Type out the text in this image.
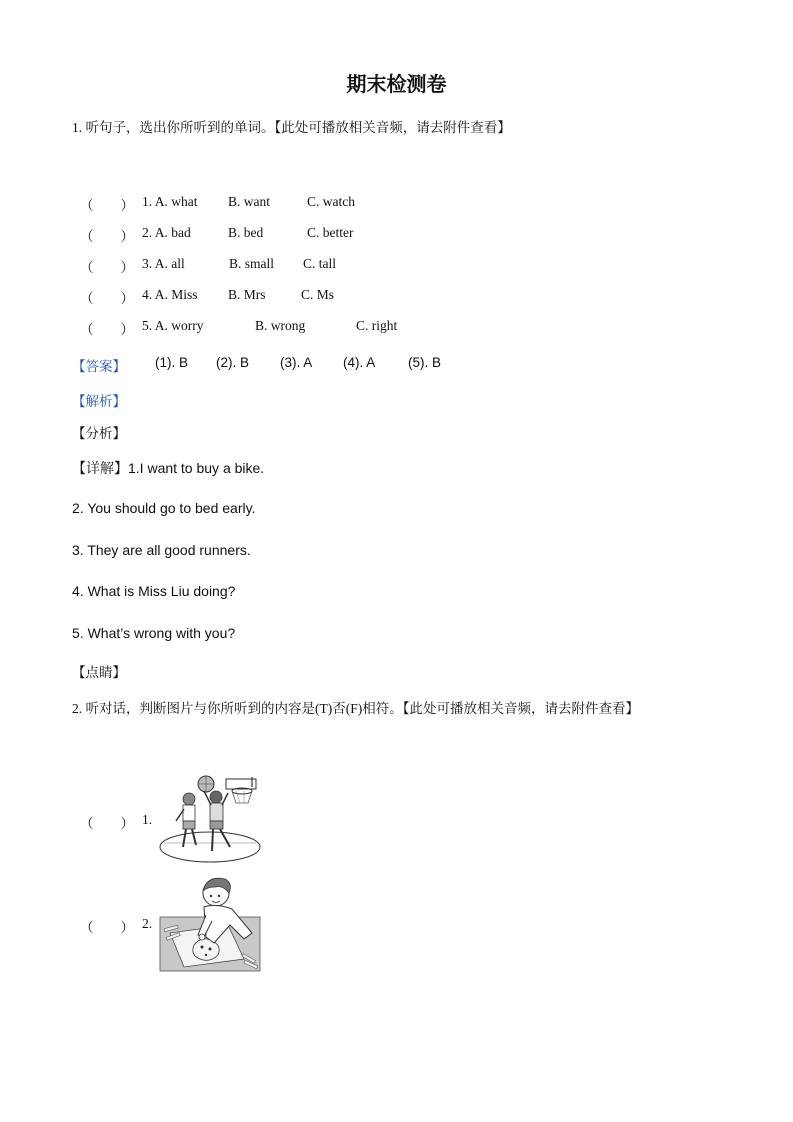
期末检测卷
1. 听句子，选出你所听到的单词。【此处可播放相关音频，请去附件查看】
（　　） 1. A. what B. want	C. watch
（　　） 2. A. bad	B. bed	C. better
（　　） 3. A. all	B. small C. tall
（　　） 4. A. Miss B. Mrs	C. Ms
（　　） 5. A. worry	B. wrong	C. right
【答案】 (1). B (2). B (3). A (4). A (5). B
【解析】
【分析】
【详解】1.I want to buy a bike.
2. You should go to bed early.
3. They are all good runners.
4. What is Miss Liu doing?
5. What’s wrong with you?
【点睛】
2. 听对话，判断图片与你所听到的内容是(T)否(F)相符。【此处可播放相关音频，请去附件查看】
（　　） 1.
（　　） 2.
